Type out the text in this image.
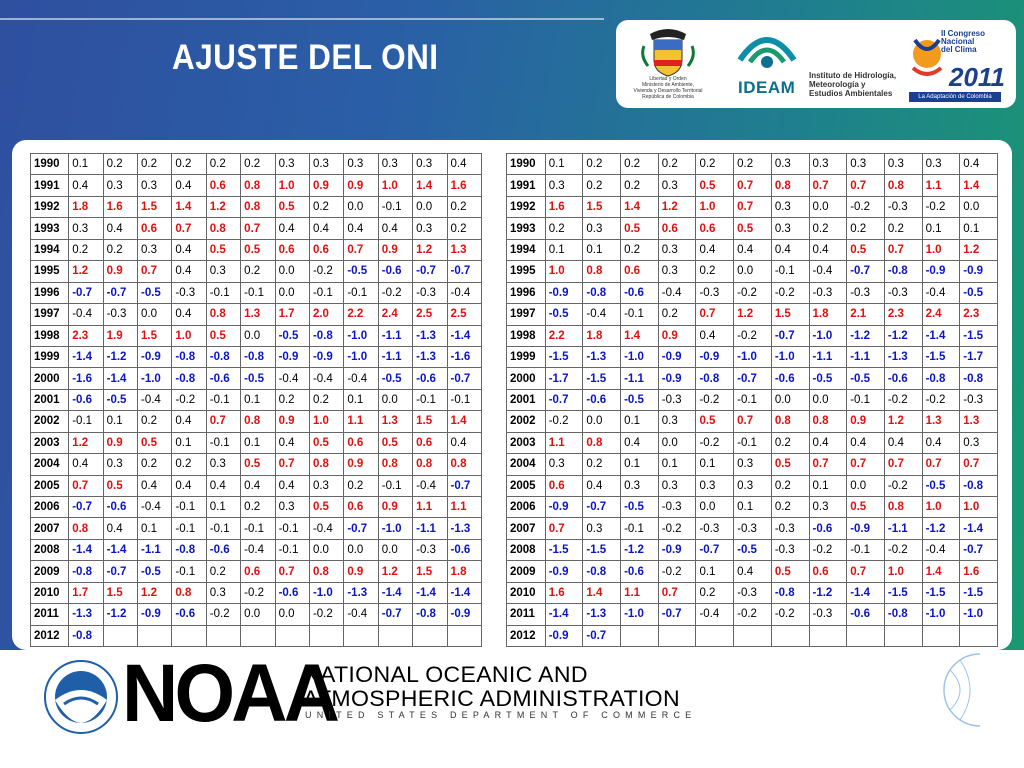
AJUSTE DEL ONI
Libertad y Orden
Ministerio de Ambiente,
Vivienda y Desarrollo Territorial
República de Colombia	IDEAM
Instituto de Hidrología,
Meteorología y
Estudios Ambientales
II Congreso
Nacional
del Clima
2011
La Adaptación de Colombia
1990	0.1	0.2	0.2	0.2	0.2	0.2	0.3	0.3	0.3	0.3	0.3	0.4
1991	0.4	0.3	0.3	0.4	0.6	0.8	1.0	0.9	0.9	1.0	1.4	1.6
1992	1.8	1.6	1.5	1.4	1.2	0.8	0.5	0.2	0.0	-0.1	0.0	0.2
1993	0.3	0.4	0.6	0.7	0.8	0.7	0.4	0.4	0.4	0.4	0.3	0.2
1994	0.2	0.2	0.3	0.4	0.5	0.5	0.6	0.6	0.7	0.9	1.2	1.3
1995	1.2	0.9	0.7	0.4	0.3	0.2	0.0	-0.2	-0.5	-0.6	-0.7	-0.7
1996	-0.7	-0.7	-0.5	-0.3	-0.1	-0.1	0.0	-0.1	-0.1	-0.2	-0.3	-0.4
1997	-0.4	-0.3	0.0	0.4	0.8	1.3	1.7	2.0	2.2	2.4	2.5	2.5
1998	2.3	1.9	1.5	1.0	0.5	0.0	-0.5	-0.8	-1.0	-1.1	-1.3	-1.4
1999	-1.4	-1.2	-0.9	-0.8	-0.8	-0.8	-0.9	-0.9	-1.0	-1.1	-1.3	-1.6
2000	-1.6	-1.4	-1.0	-0.8	-0.6	-0.5	-0.4	-0.4	-0.4	-0.5	-0.6	-0.7
2001	-0.6	-0.5	-0.4	-0.2	-0.1	0.1	0.2	0.2	0.1	0.0	-0.1	-0.1
2002	-0.1	0.1	0.2	0.4	0.7	0.8	0.9	1.0	1.1	1.3	1.5	1.4
2003	1.2	0.9	0.5	0.1	-0.1	0.1	0.4	0.5	0.6	0.5	0.6	0.4
2004	0.4	0.3	0.2	0.2	0.3	0.5	0.7	0.8	0.9	0.8	0.8	0.8
2005	0.7	0.5	0.4	0.4	0.4	0.4	0.4	0.3	0.2	-0.1	-0.4	-0.7
2006	-0.7	-0.6	-0.4	-0.1	0.1	0.2	0.3	0.5	0.6	0.9	1.1	1.1
2007	0.8	0.4	0.1	-0.1	-0.1	-0.1	-0.1	-0.4	-0.7	-1.0	-1.1	-1.3
2008	-1.4	-1.4	-1.1	-0.8	-0.6	-0.4	-0.1	0.0	0.0	0.0	-0.3	-0.6
2009	-0.8	-0.7	-0.5	-0.1	0.2	0.6	0.7	0.8	0.9	1.2	1.5	1.8
2010	1.7	1.5	1.2	0.8	0.3	-0.2	-0.6	-1.0	-1.3	-1.4	-1.4	-1.4
2011	-1.3	-1.2	-0.9	-0.6	-0.2	0.0	0.0	-0.2	-0.4	-0.7	-0.8	-0.9
2012	-0.8											
1990	0.1	0.2	0.2	0.2	0.2	0.2	0.3	0.3	0.3	0.3	0.3	0.4
1991	0.3	0.2	0.2	0.3	0.5	0.7	0.8	0.7	0.7	0.8	1.1	1.4
1992	1.6	1.5	1.4	1.2	1.0	0.7	0.3	0.0	-0.2	-0.3	-0.2	0.0
1993	0.2	0.3	0.5	0.6	0.6	0.5	0.3	0.2	0.2	0.2	0.1	0.1
1994	0.1	0.1	0.2	0.3	0.4	0.4	0.4	0.4	0.5	0.7	1.0	1.2
1995	1.0	0.8	0.6	0.3	0.2	0.0	-0.1	-0.4	-0.7	-0.8	-0.9	-0.9
1996	-0.9	-0.8	-0.6	-0.4	-0.3	-0.2	-0.2	-0.3	-0.3	-0.3	-0.4	-0.5
1997	-0.5	-0.4	-0.1	0.2	0.7	1.2	1.5	1.8	2.1	2.3	2.4	2.3
1998	2.2	1.8	1.4	0.9	0.4	-0.2	-0.7	-1.0	-1.2	-1.2	-1.4	-1.5
1999	-1.5	-1.3	-1.0	-0.9	-0.9	-1.0	-1.0	-1.1	-1.1	-1.3	-1.5	-1.7
2000	-1.7	-1.5	-1.1	-0.9	-0.8	-0.7	-0.6	-0.5	-0.5	-0.6	-0.8	-0.8
2001	-0.7	-0.6	-0.5	-0.3	-0.2	-0.1	0.0	0.0	-0.1	-0.2	-0.2	-0.3
2002	-0.2	0.0	0.1	0.3	0.5	0.7	0.8	0.8	0.9	1.2	1.3	1.3
2003	1.1	0.8	0.4	0.0	-0.2	-0.1	0.2	0.4	0.4	0.4	0.4	0.3
2004	0.3	0.2	0.1	0.1	0.1	0.3	0.5	0.7	0.7	0.7	0.7	0.7
2005	0.6	0.4	0.3	0.3	0.3	0.3	0.2	0.1	0.0	-0.2	-0.5	-0.8
2006	-0.9	-0.7	-0.5	-0.3	0.0	0.1	0.2	0.3	0.5	0.8	1.0	1.0
2007	0.7	0.3	-0.1	-0.2	-0.3	-0.3	-0.3	-0.6	-0.9	-1.1	-1.2	-1.4
2008	-1.5	-1.5	-1.2	-0.9	-0.7	-0.5	-0.3	-0.2	-0.1	-0.2	-0.4	-0.7
2009	-0.9	-0.8	-0.6	-0.2	0.1	0.4	0.5	0.6	0.7	1.0	1.4	1.6
2010	1.6	1.4	1.1	0.7	0.2	-0.3	-0.8	-1.2	-1.4	-1.5	-1.5	-1.5
2011	-1.4	-1.3	-1.0	-0.7	-0.4	-0.2	-0.2	-0.3	-0.6	-0.8	-1.0	-1.0
2012	-0.9	-0.7										
NOAA
NATIONAL OCEANIC AND
ATMOSPHERIC ADMINISTRATION
UNITED STATES DEPARTMENT OF COMMERCE
